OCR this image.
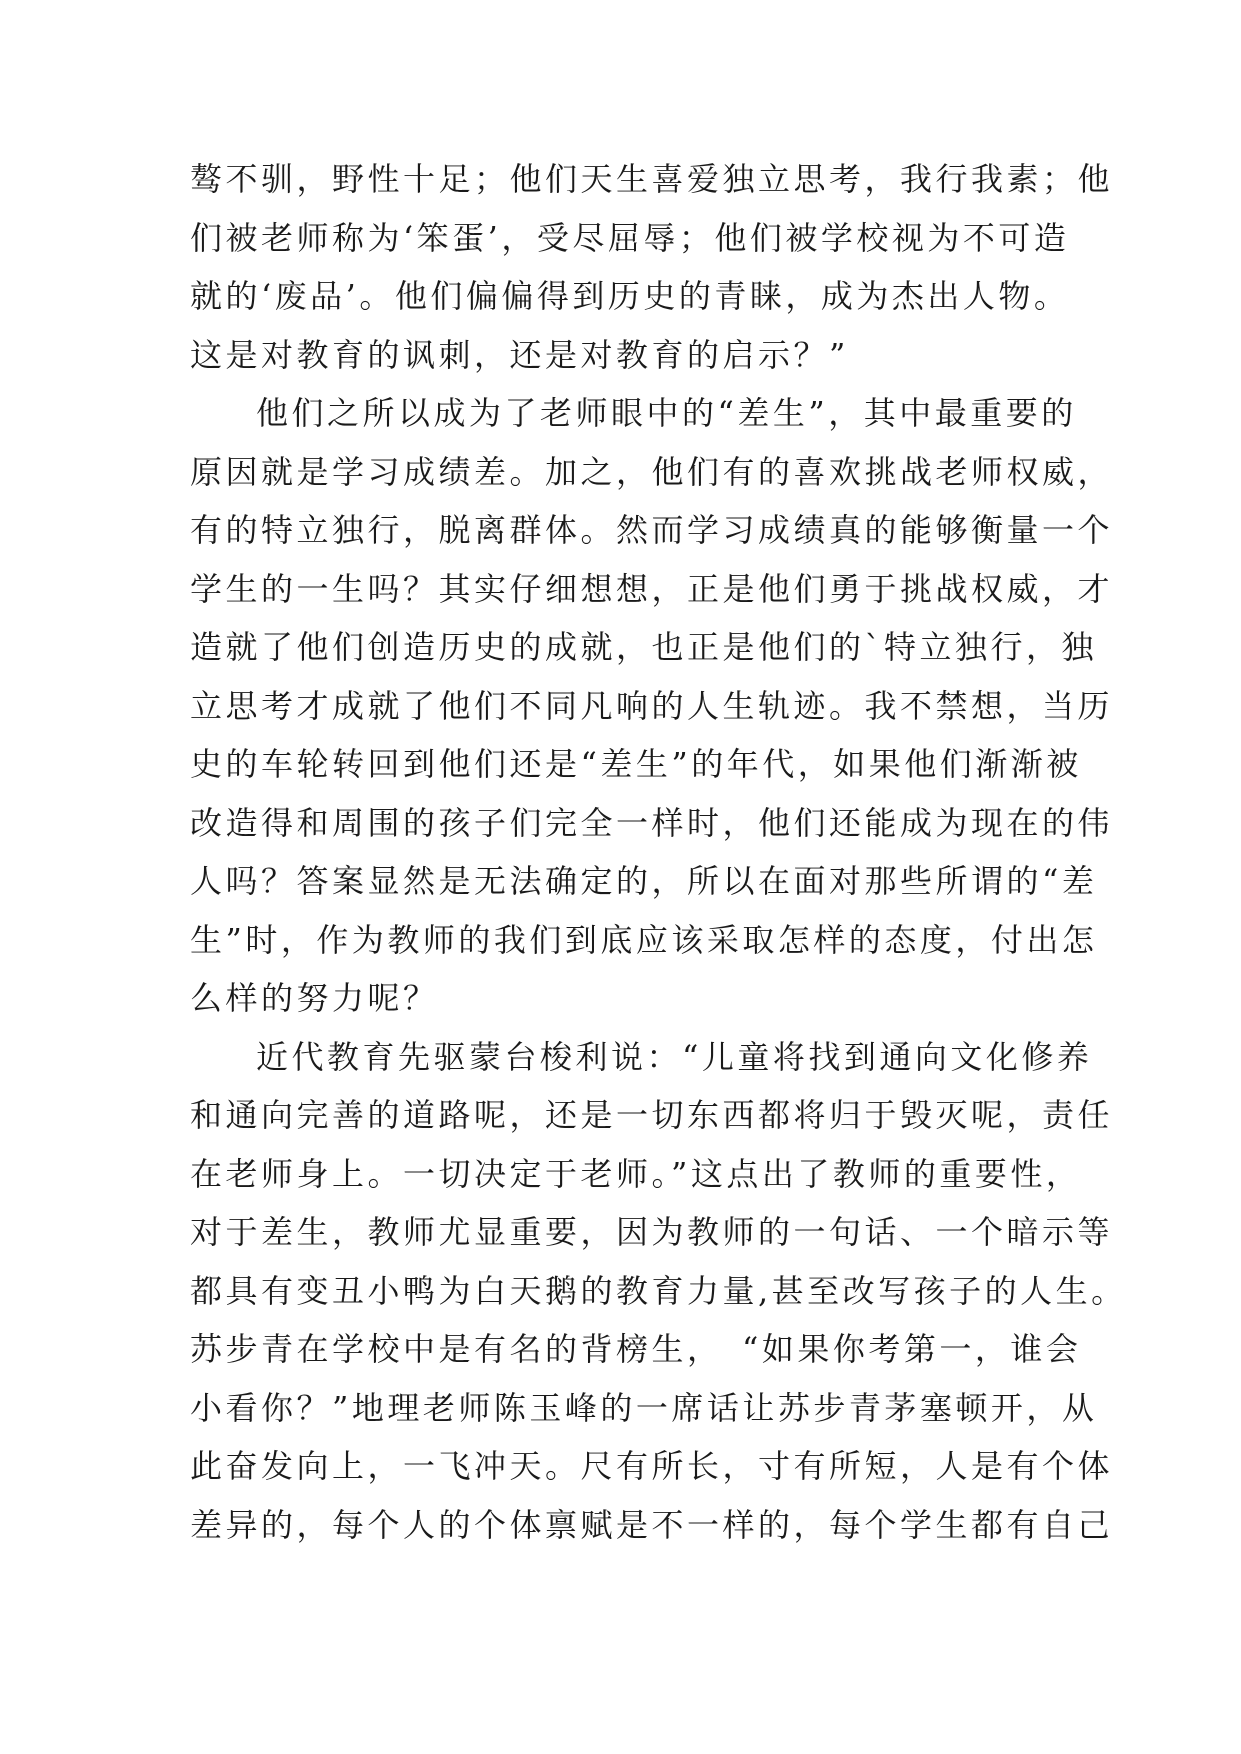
骜不驯，野性十足；他们天生喜爱独立思考，我行我素；他
们被老师称为‘笨蛋’，受尽屈辱；他们被学校视为不可造
就的‘废品’。他们偏偏得到历史的青睐，成为杰出人物。
这是对教育的讽刺，还是对教育的启示？”
他们之所以成为了老师眼中的“差生”，其中最重要的
原因就是学习成绩差。加之，他们有的喜欢挑战老师权威，
有的特立独行，脱离群体。然而学习成绩真的能够衡量一个
学生的一生吗？其实仔细想想，正是他们勇于挑战权威，才
造就了他们创造历史的成就，也正是他们的`特立独行，独
立思考才成就了他们不同凡响的人生轨迹。我不禁想，当历
史的车轮转回到他们还是“差生”的年代，如果他们渐渐被
改造得和周围的孩子们完全一样时，他们还能成为现在的伟
人吗？答案显然是无法确定的，所以在面对那些所谓的“差
生”时，作为教师的我们到底应该采取怎样的态度，付出怎
么样的努力呢？
近代教育先驱蒙台梭利说：“儿童将找到通向文化修养
和通向完善的道路呢，还是一切东西都将归于毁灭呢，责任
在老师身上。一切决定于老师。”这点出了教师的重要性，
对于差生，教师尤显重要，因为教师的一句话、一个暗示等
都具有变丑小鸭为白天鹅的教育力量,甚至改写孩子的人生。
苏步青在学校中是有名的背榜生，　“如果你考第一，谁会
小看你？”地理老师陈玉峰的一席话让苏步青茅塞顿开，从
此奋发向上，一飞冲天。尺有所长，寸有所短，人是有个体
差异的，每个人的个体禀赋是不一样的，每个学生都有自己
